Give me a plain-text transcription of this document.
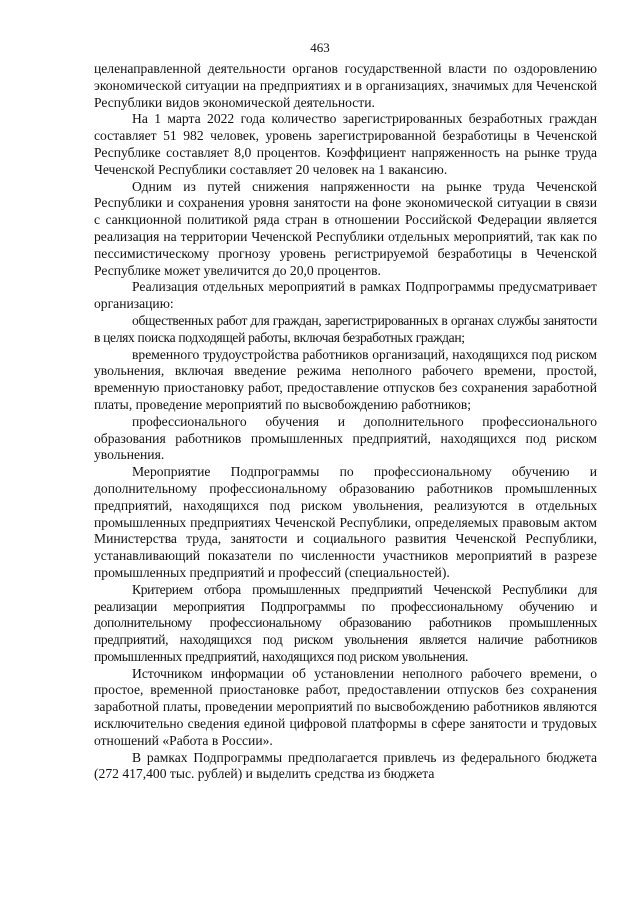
463

целенаправленной деятельности органов государственной власти по оздоровлению экономической ситуации на предприятиях и в организациях, значимых для Чеченской Республики видов экономической деятельности.

На 1 марта 2022 года количество зарегистрированных безработных граждан составляет 51 982 человек, уровень зарегистрированной безработицы в Чеченской Республике составляет 8,0 процентов. Коэффициент напряженность на рынке труда Чеченской Республики составляет 20 человек на 1 вакансию.

Одним из путей снижения напряженности на рынке труда Чеченской Республики и сохранения уровня занятости на фоне экономической ситуации в связи с санкционной политикой ряда стран в отношении Российской Федерации является реализация на территории Чеченской Республики отдельных мероприятий, так как по пессимистическому прогнозу уровень регистрируемой безработицы в Чеченской Республике может увеличится до 20,0 процентов.

Реализация отдельных мероприятий в рамках Подпрограммы предусматривает организацию:

общественных работ для граждан, зарегистрированных в органах службы занятости в целях поиска подходящей работы, включая безработных граждан;

временного трудоустройства работников организаций, находящихся под риском увольнения, включая введение режима неполного рабочего времени, простой, временную приостановку работ, предоставление отпусков без сохранения заработной платы, проведение мероприятий по высвобождению работников;

профессионального обучения и дополнительного профессионального образования работников промышленных предприятий, находящихся под риском увольнения.

Мероприятие Подпрограммы по профессиональному обучению и дополнительному профессиональному образованию работников промышленных предприятий, находящихся под риском увольнения, реализуются в отдельных промышленных предприятиях Чеченской Республики, определяемых правовым актом Министерства труда, занятости и социального развития Чеченской Республики, устанавливающий показатели по численности участников мероприятий в разрезе промышленных предприятий и профессий (специальностей).

Критерием отбора промышленных предприятий Чеченской Республики для реализации мероприятия Подпрограммы по профессиональному обучению и дополнительному профессиональному образованию работников промышленных предприятий, находящихся под риском увольнения является наличие работников промышленных предприятий, находящихся под риском увольнения.

Источником информации об установлении неполного рабочего времени, о простое, временной приостановке работ, предоставлении отпусков без сохранения заработной платы, проведении мероприятий по высвобождению работников являются исключительно сведения единой цифровой платформы в сфере занятости и трудовых отношений «Работа в России».

В рамках Подпрограммы предполагается привлечь из федерального бюджета (272 417,400 тыс. рублей) и выделить средства из бюджета
